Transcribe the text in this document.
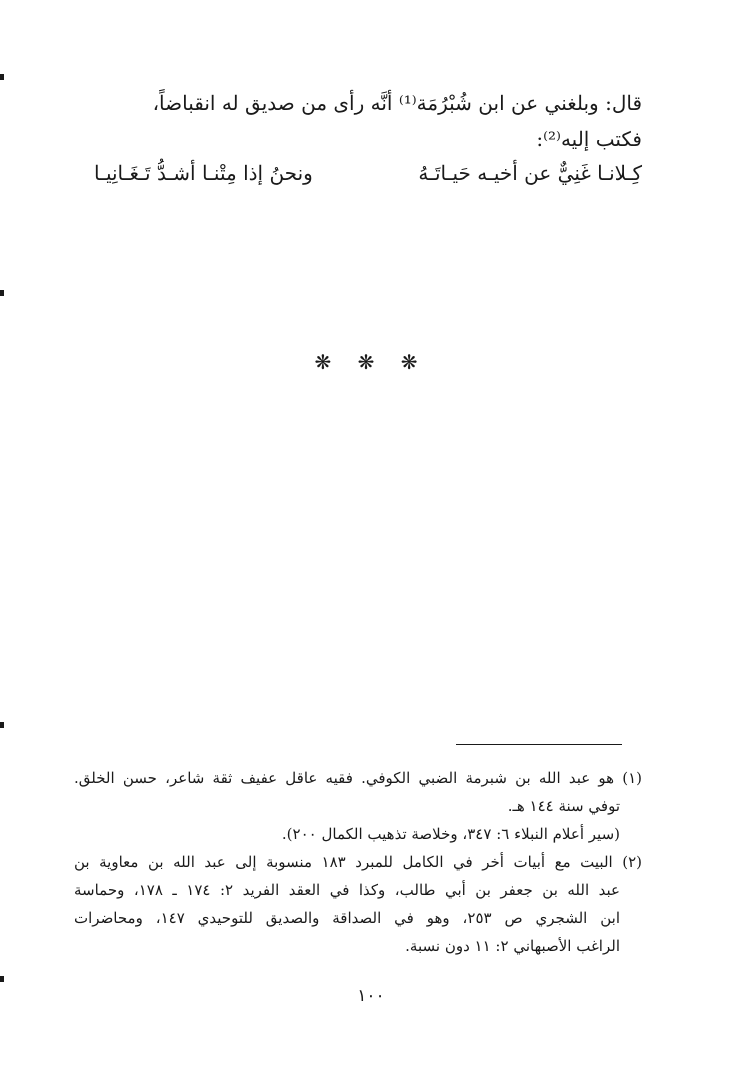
قال: وبلغني عن ابن شُبْرُمَة⁽¹⁾ أنَّه رأى من صديق له انقباضاً،
فكتب إليه⁽²⁾:
كِـلانـا غَنِيٌّ عن أخيـه حَيـاتَـهُ
ونحنُ إذا مِتْنـا أشـدُّ تَـغَـانِيـا
❋ ❋ ❋
(١) هو عبد الله بن شبرمة الضبي الكوفي. فقيه عاقل عفيف ثقة شاعر، حسن الخلق.
توفي سنة ١٤٤ هـ.
(سير أعلام النبلاء ٦: ٣٤٧، وخلاصة تذهيب الكمال ٢٠٠).
(٢) البيت مع أبيات أخر في الكامل للمبرد ١٨٣ منسوبة إلى عبد الله بن معاوية بن
عبد الله بن جعفر بن أبي طالب، وكذا في العقد الفريد ٢: ١٧٤ ـ ١٧٨، وحماسة
ابن الشجري ص ٢٥٣، وهو في الصداقة والصديق للتوحيدي ١٤٧، ومحاضرات
الراغب الأصبهاني ٢: ١١ دون نسبة.
١٠٠
